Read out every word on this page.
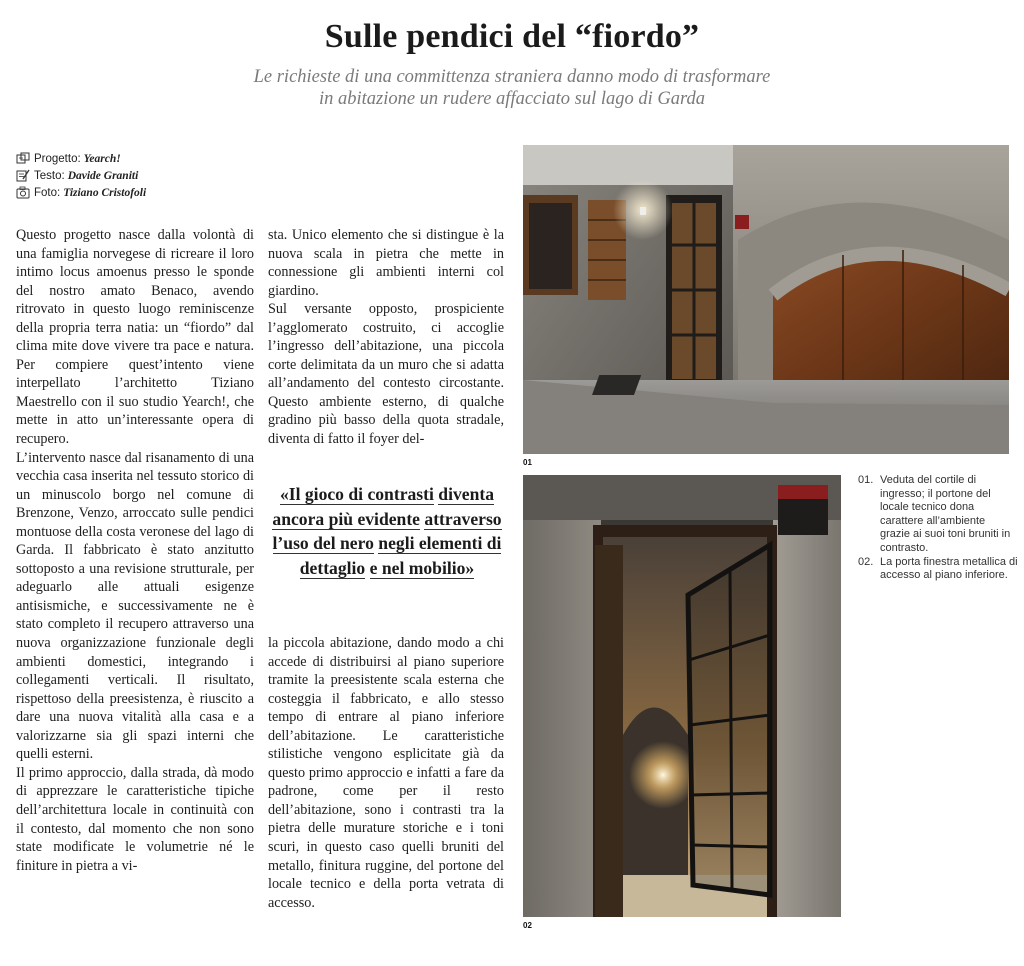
Sulle pendici del “fiordo”
Le richieste di una committenza straniera danno modo di trasformare
in abitazione un rudere affacciato sul lago di Garda
Progetto: Yearch!
Testo: Davide Graniti
Foto: Tiziano Cristofoli

Questo progetto nasce dalla volontà di una famiglia norvegese di ricreare il loro intimo locus amoenus presso le sponde del nostro amato Benaco, avendo ritrovato in questo luogo reminiscenze della propria terra natia: un “fiordo” dal clima mite dove vivere tra pace e natura. Per compiere quest’intento viene interpellato l’architetto Tiziano Maestrello con il suo studio Yearch!, che mette in atto un’interessante opera di recupero.

L’intervento nasce dal risanamento di una vecchia casa inserita nel tessuto storico di un minuscolo borgo nel comune di Brenzone, Venzo, arroccato sulle pendici montuose della costa veronese del lago di Garda. Il fabbricato è stato anzitutto sottoposto a una revisione strutturale, per adeguarlo alle attuali esigenze antisismiche, e successivamente ne è stato completo il recupero attraverso una nuova organizzazione funzionale degli ambienti domestici, integrando i collegamenti verticali. Il risultato, rispettoso della preesistenza, è riuscito a dare una nuova vitalità alla casa e a valorizzarne sia gli spazi interni che quelli esterni.

Il primo approccio, dalla strada, dà modo di apprezzare le caratteristiche tipiche dell’architettura locale in continuità con il contesto, dal momento che non sono state modificate le volumetrie né le finiture in pietra a vi-

sta. Unico elemento che si distingue è la nuova scala in pietra che mette in connessione gli ambienti interni col giardino.

Sul versante opposto, prospiciente l’agglomerato costruito, ci accoglie l’ingresso dell’abitazione, una piccola corte delimitata da un muro che si adatta all’andamento del contesto circostante. Questo ambiente esterno, di qualche gradino più basso della quota stradale, diventa di fatto il foyer del-

«Il gioco di contrasti diventa ancora più evidente attraverso l’uso del nero negli elementi di dettaglio e nel mobilio»

la piccola abitazione, dando modo a chi accede di distribuirsi al piano superiore tramite la preesistente scala esterna che costeggia il fabbricato, e allo stesso tempo di entrare al piano inferiore dell’abitazione. Le caratteristiche stilistiche vengono esplicitate già da questo primo approccio e infatti a fare da padrone, come per il resto dell’abitazione, sono i contrasti tra la pietra delle murature storiche e i toni scuri, in questo caso quelli bruniti del metallo, finitura ruggine, del portone del locale tecnico e della porta vetrata di accesso.

01
02
01. Veduta del cortile di ingresso; il portone del locale tecnico dona carattere all’ambiente grazie ai suoi toni bruniti in contrasto.
02. La porta finestra metallica di accesso al piano inferiore.
